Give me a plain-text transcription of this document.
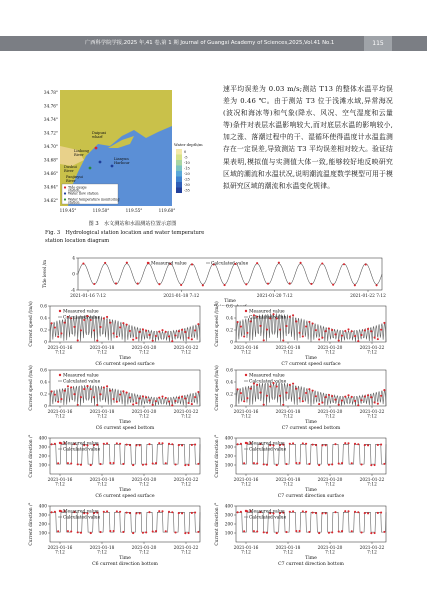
广西科学院学报,2025 年,41 卷,第 1 期 Journal of Guangxi Academy of Sciences,2025,Vol.41 No.1	115
34.78°
34.76°
34.74°
34.72°
34.70°
34.68°
34.66°
34.64°
34.62°
119.45°	119.50°	119.55°	119.60°
Daipuxi wharf
Dushui River
Lianyun Harbour
Linhong River
Panjinyui River
Tide gauge station
Water flow station
Water temperature monitoring station
Water depth/m
0
-5
-10
-15
-20
-25
-30
-35
图 3　水文测站和水温测站位置示意图
Fig. 3　Hydrological station location and water temperature station location diagram
速平均误差为 0.03 m/s;测站 T13 的整体水温平均误差为 0.46 ℃。由于测站 T3 位于浅滩水域,异常海况(波况和海冰等)和气象(降水、风况、空气湿度和云量等)条件对表层水温影响较大,而对底层水温的影响较小,加之涨、落潮过程中的干、湿循环使得温度计水温监测存在一定误差,导致测站 T3 平均误差相对较大。验证结果表明,模拟值与实测值大体一致,能够较好地反映研究区域的潮流和水温状况,说明潮流温度数学模型可用于模拟研究区域的潮流和水温变化规律。
4
0
-4
Tide level /m
2021-01-16 7:12	2021-01-18 7:12	2021-01-20 7:12	2021-01-22 7:12
Time
Measured value	Calculated value
0.6
0.4
0.2
0
Current speed /(m/s)
2021-01-16 7:12
2021-01-18 7:12
2021-01-20 7:12
2021-01-22 7:12
Time
C6 current speed surface
Measured value
Calculated value
0.6
0.4
0.2
0
Current speed /(m/s)
2021-01-16 7:12
2021-01-18 7:12
2021-01-20 7:12
2021-01-22 7:12
Time
C7 current speed surface
Measured value
Calculated value
0.6
0.4
0.2
0
Current speed /(m/s)
2021-01-16 7:12
2021-01-18 7:12
2021-01-20 7:12
2021-01-22 7:12
Time
C6 current speed bottom
Measured value
Calculated value
0.6
0.4
0.2
0
Current speed /(m/s)
2021-01-16 7:12
2021-01-18 7:12
2021-01-20 7:12
2021-01-22 7:12
Time
C7 current speed bottom
Measured value
Calculated value
400
300
200
100
Current direction /°
2021-01-16 7:12
2021-01-18 7:12
2021-01-20 7:12
2021-01-22 7:12
Time
C6 current speed surface
Measured value
Calculated value
400
300
200
100
Current direction /°
2021-01-16 7:12
2021-01-18 7:12
2021-01-20 7:12
2021-01-22 7:12
Time
C7 current direction surface
Measured value
Calculated value
400
300
200
100
Current direction /°
2021-01-16 7:12
2021-01-18 7:12
2021-01-20 7:12
2021-01-22 7:12
Time
C6 current direction bottom
Measured value
Calculated value
400
300
200
100
Current direction /°
2021-01-16 7:12
2021-01-18 7:12
2021-01-20 7:12
2021-01-22 7:12
Time
C7 current direction bottom
Measured value
Calculated value
